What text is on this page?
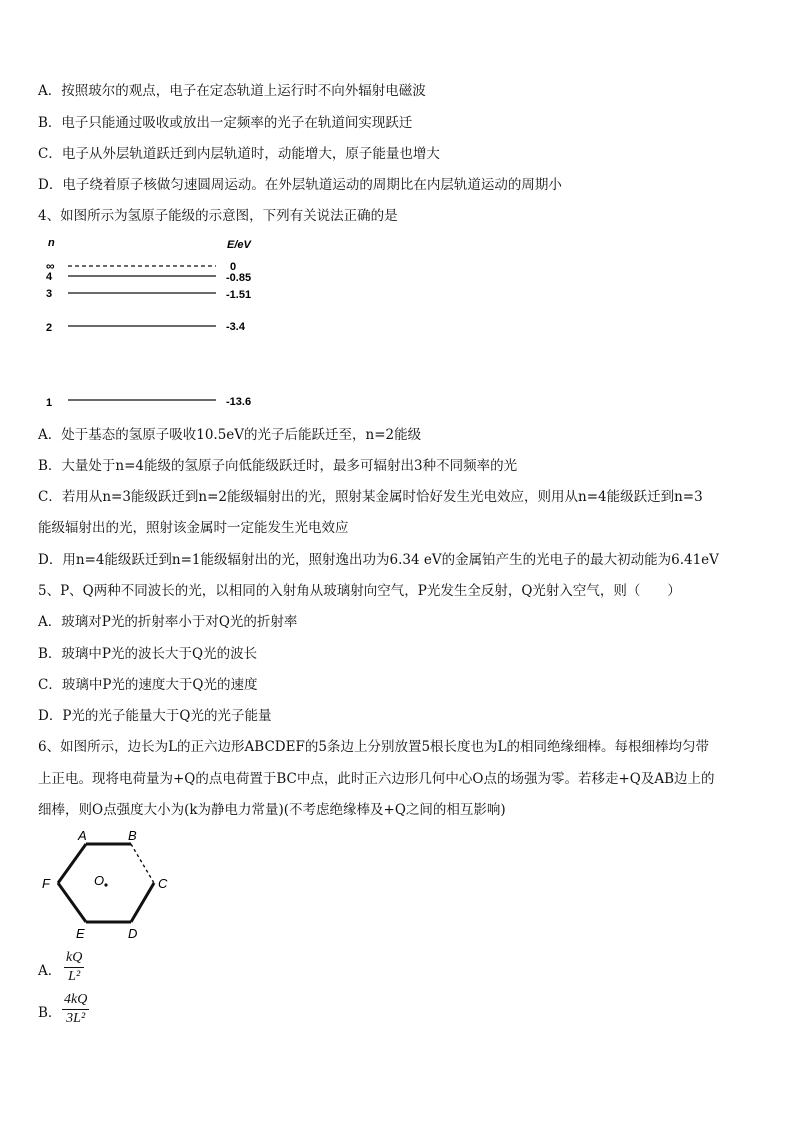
A．按照玻尔的观点，电子在定态轨道上运行时不向外辐射电磁波
B．电子只能通过吸收或放出一定频率的光子在轨道间实现跃迁
C．电子从外层轨道跃迁到内层轨道时，动能增大，原子能量也增大
D．电子绕着原子核做匀速圆周运动。在外层轨道运动的周期比在内层轨道运动的周期小
4、如图所示为氢原子能级的示意图，下列有关说法正确的是
n	E/eV
∞	0
4	-0.85
3	-1.51
2	-3.4
1	-13.6
A．处于基态的氢原子吸收10.5eV的光子后能跃迁至，n=2能级
B．大量处于n=4能级的氢原子向低能级跃迁时，最多可辐射出3种不同频率的光
C．若用从n=3能级跃迁到n=2能级辐射出的光，照射某金属时恰好发生光电效应，则用从n=4能级跃迁到n=3
能级辐射出的光，照射该金属时一定能发生光电效应
D．用n=4能级跃迁到n=1能级辐射出的光，照射逸出功为6.34 eV的金属铂产生的光电子的最大初动能为6.41eV
5、P、Q两种不同波长的光，以相同的入射角从玻璃射向空气，P光发生全反射，Q光射入空气，则（　　）
A．玻璃对P光的折射率小于对Q光的折射率
B．玻璃中P光的波长大于Q光的波长
C．玻璃中P光的速度大于Q光的速度
D．P光的光子能量大于Q光的光子能量
6、如图所示，边长为L的正六边形ABCDEF的5条边上分别放置5根长度也为L的相同绝缘细棒。每根细棒均匀带
上正电。现将电荷量为+Q的点电荷置于BC中点，此时正六边形几何中心O点的场强为零。若移走+Q及AB边上的
细棒，则O点强度大小为(k为静电力常量)(不考虑绝缘棒及+Q之间的相互影响)
A	B
C
D
E
F	O
A．
kQ
L²
B．
4kQ
3L²
